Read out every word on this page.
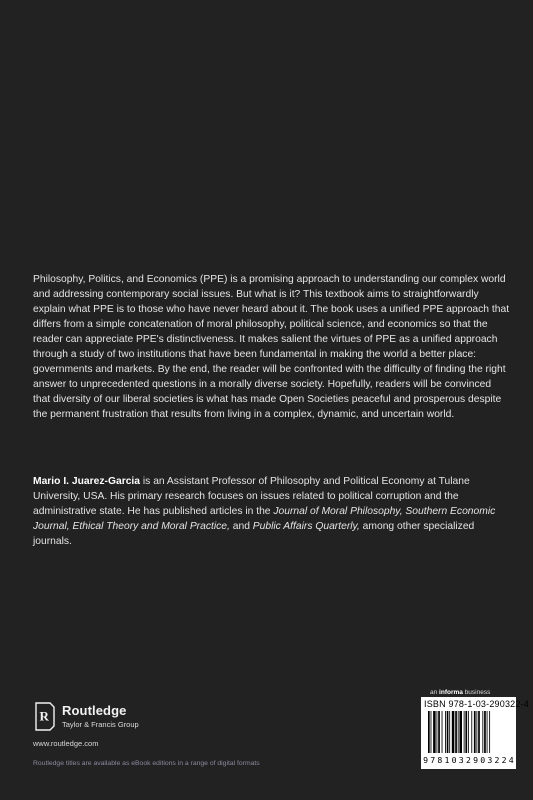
Philosophy, Politics, and Economics (PPE) is a promising approach to understanding our complex world and addressing contemporary social issues. But what is it? This textbook aims to straightforwardly explain what PPE is to those who have never heard about it. The book uses a unified PPE approach that differs from a simple concatenation of moral philosophy, political science, and economics so that the reader can appreciate PPE's distinctiveness. It makes salient the virtues of PPE as a unified approach through a study of two institutions that have been fundamental in making the world a better place: governments and markets. By the end, the reader will be confronted with the difficulty of finding the right answer to unprecedented questions in a morally diverse society. Hopefully, readers will be convinced that diversity of our liberal societies is what has made Open Societies peaceful and prosperous despite the permanent frustration that results from living in a complex, dynamic, and uncertain world.

Mario I. Juarez-Garcia is an Assistant Professor of Philosophy and Political Economy at Tulane University, USA. His primary research focuses on issues related to political corruption and the administrative state. He has published articles in the Journal of Moral Philosophy, Southern Economic Journal, Ethical Theory and Moral Practice, and Public Affairs Quarterly, among other specialized journals.

R Routledge
Taylor & Francis Group
www.routledge.com
Routledge titles are available as eBook editions in a range of digital formats
an informa business
ISBN 978-1-03-290322-4
9 7 8 1 0 3 2 9 0 3 2 2 4
